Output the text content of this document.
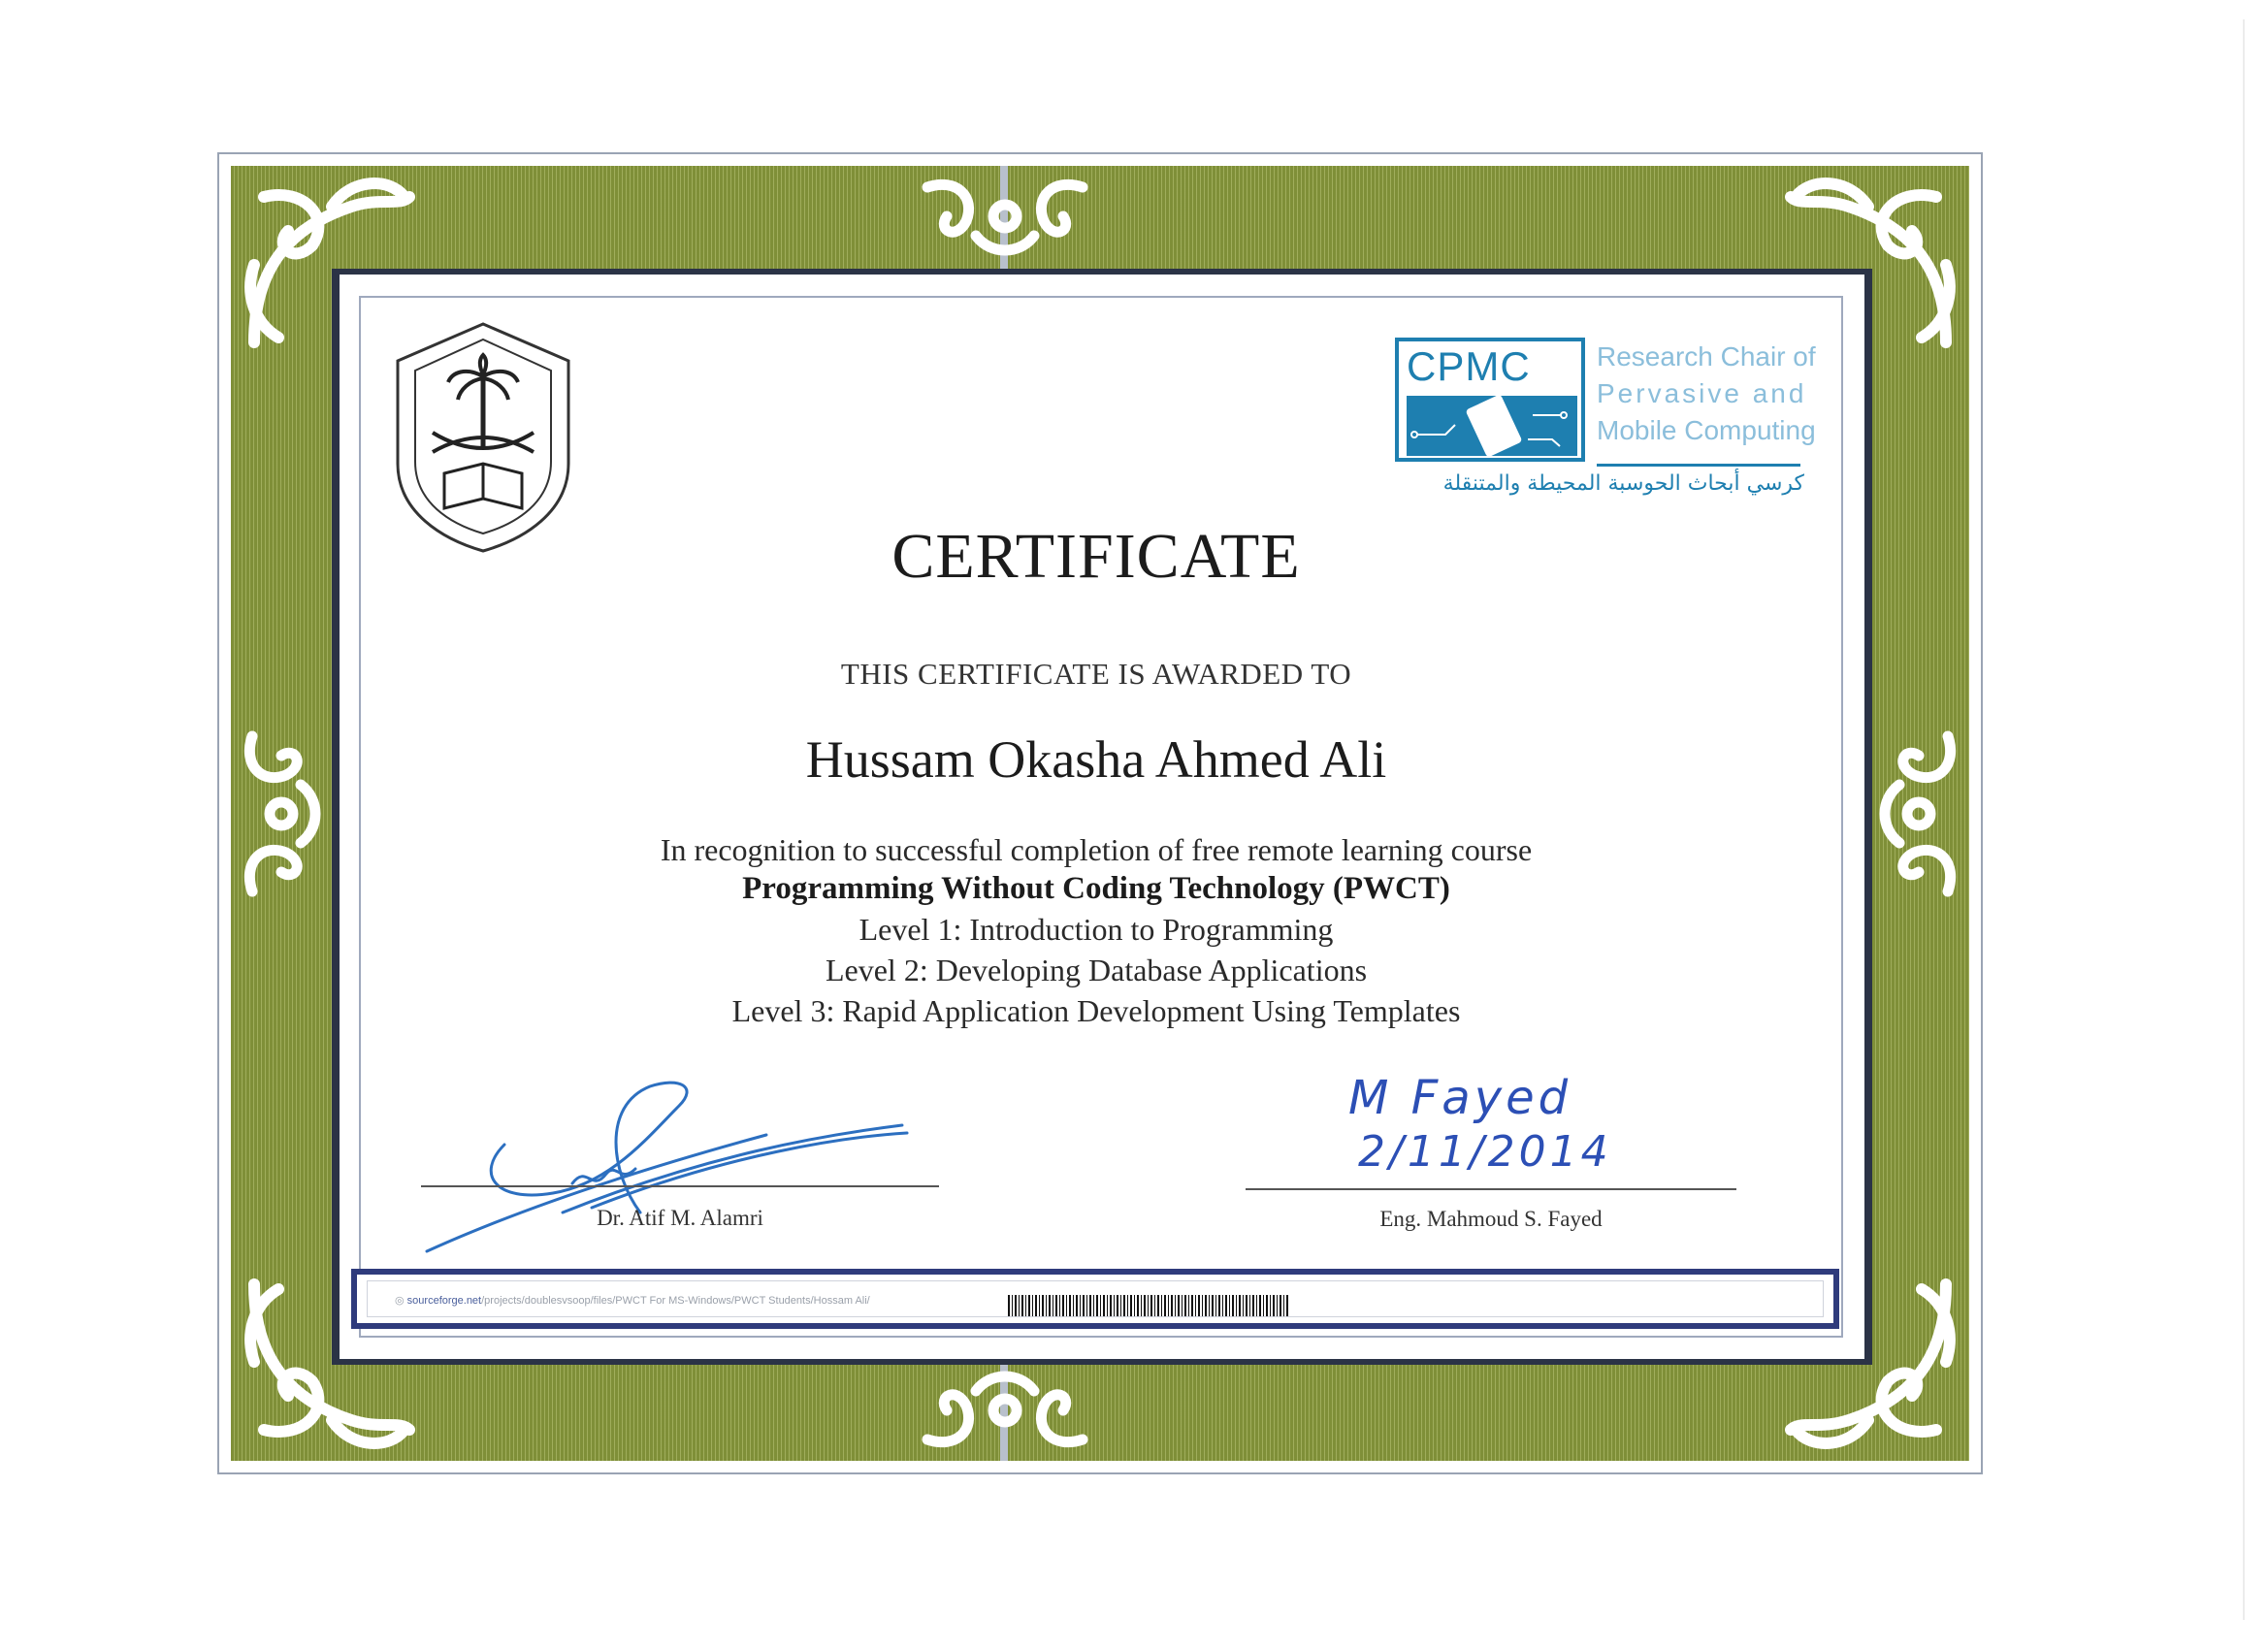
CPMC Research Chair of
Pervasive and
Mobile Computing
كرسي أبحاث الحوسبة المحيطة والمتنقلة
CERTIFICATE
THIS CERTIFICATE IS AWARDED TO
Hussam Okasha Ahmed Ali
In recognition to successful completion of free remote learning course
Programming Without Coding Technology (PWCT)
Level 1: Introduction to Programming
Level 2: Developing Database Applications
Level 3: Rapid Application Development Using Templates
Dr. Atif M. Alamri
M Fayed
2/11/2014
Eng. Mahmoud S. Fayed
◎ sourceforge.net/projects/doublesvsoop/files/PWCT For MS-Windows/PWCT Students/Hossam Ali/
